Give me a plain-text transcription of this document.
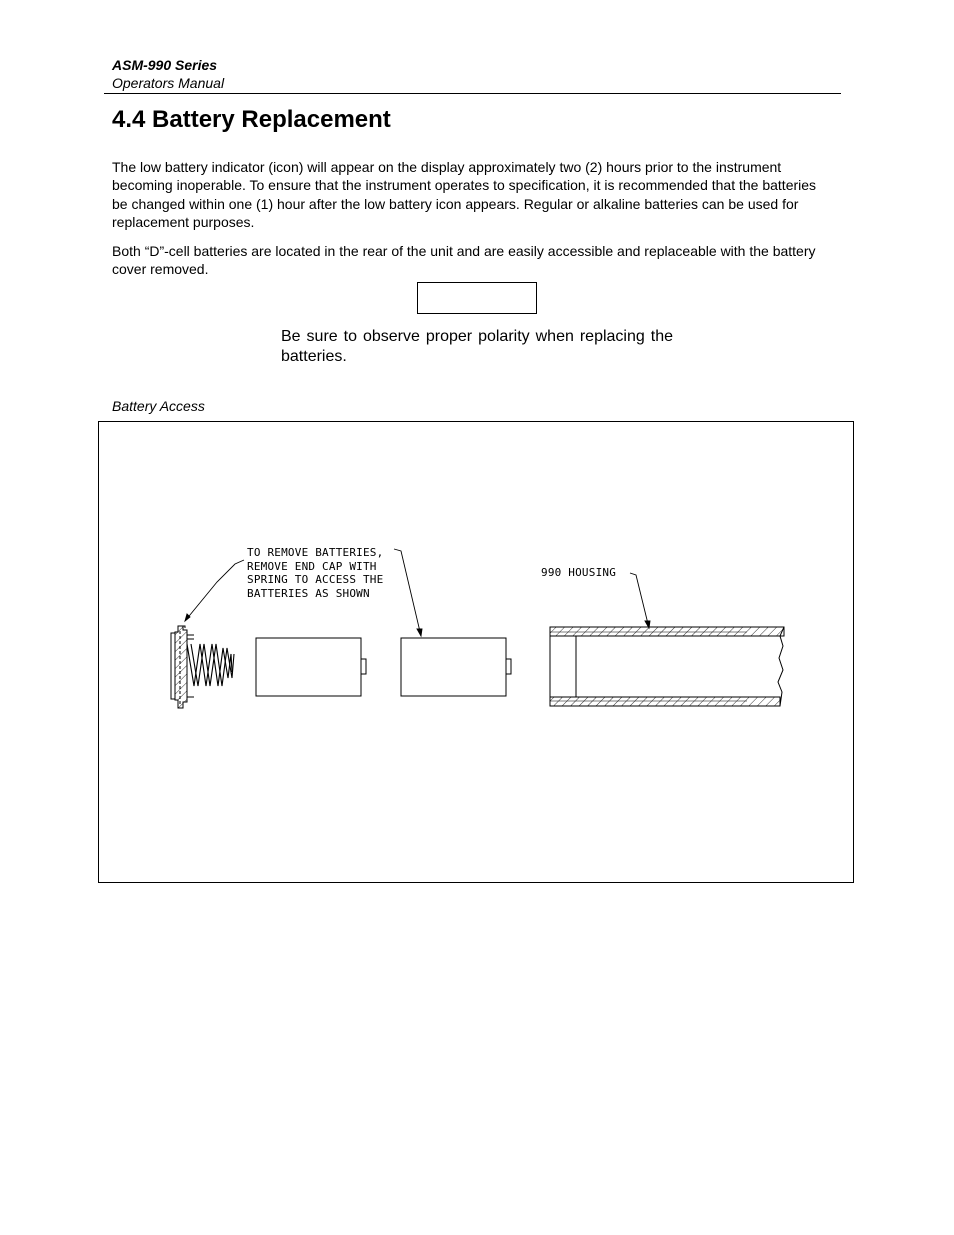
ASM-990 Series
Operators Manual
4.4 Battery Replacement

The low battery indicator (icon) will appear on the display approximately two (2) hours prior to the instrument becoming inoperable. To ensure that the instrument operates to specification, it is recommended that the batteries be changed within one (1) hour after the low battery icon appears. Regular or alkaline batteries can be used for replacement purposes.

Both “D”-cell batteries are located in the rear of the unit and are easily accessible and replaceable with the battery cover removed.

Be sure to observe proper polarity when replacing the batteries.

Battery Access
TO REMOVE BATTERIES,
REMOVE END CAP WITH
SPRING TO ACCESS THE
BATTERIES AS SHOWN
990 HOUSING
